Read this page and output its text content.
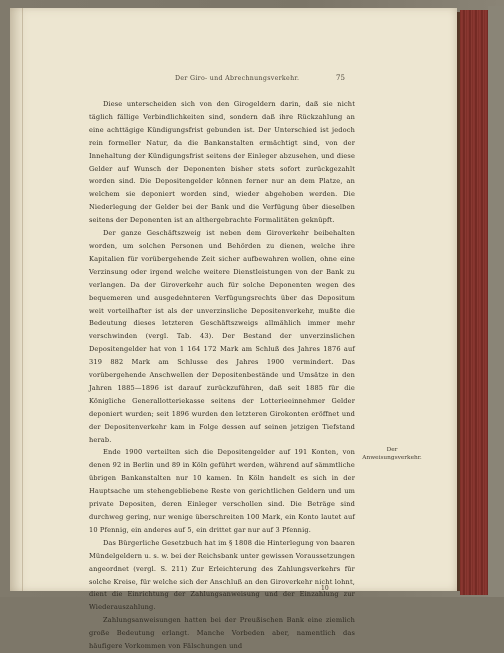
Der Giro- und Abrechnungsverkehr.	75

Diese unterscheiden sich von den Girogeldern darin, daß sie nicht täglich fällige Verbindlichkeiten sind, sondern daß ihre Rückzahlung an eine achttägige Kündigungsfrist gebunden ist. Der Unterschied ist jedoch rein formeller Natur, da die Bankanstalten ermächtigt sind, von der Innehaltung der Kündigungsfrist seitens der Einleger abzusehen, und diese Gelder auf Wunsch der Deponenten bisher stets sofort zurückgezahlt worden sind. Die Depositengelder können ferner nur an dem Platze, an welchem sie deponiert worden sind, wieder abgehoben werden. Die Niederlegung der Gelder bei der Bank und die Verfügung über dieselben seitens der Deponenten ist an althergebrachte Formalitäten geknüpft.

Der ganze Geschäftszweig ist neben dem Giroverkehr beibehalten worden, um solchen Personen und Behörden zu dienen, welche ihre Kapitalien für vorübergehende Zeit sicher aufbewahren wollen, ohne eine Verzinsung oder irgend welche weitere Dienstleistungen von der Bank zu verlangen. Da der Giroverkehr auch für solche Deponenten wegen des bequemeren und ausgedehnteren Verfügungsrechts über das Depositum weit vorteilhafter ist als der unverzinsliche Depositenverkehr, mußte die Bedeutung dieses letzteren Geschäftszweigs allmählich immer mehr verschwinden (vergl. Tab. 43). Der Bestand der unverzinslichen Depositengelder hat von 1 164 172 Mark am Schluß des Jahres 1876 auf 319 882 Mark am Schlusse des Jahres 1900 vermindert. Das vorübergehende Anschwellen der Depositenbestände und Umsätze in den Jahren 1885—1896 ist darauf zurückzuführen, daß seit 1885 für die Königliche Generallotteriekasse seitens der Lotterieeinnehmer Gelder deponiert wurden; seit 1896 wurden den letzteren Girokonten eröffnet und der Depositenverkehr kam in Folge dessen auf seinen jetzigen Tiefstand herab.

Ende 1900 verteilten sich die Depositengelder auf 191 Konten, von denen 92 in Berlin und 89 in Köln geführt werden, während auf sämmtliche übrigen Bankanstalten nur 10 kamen. In Köln handelt es sich in der Hauptsache um stehengebliebene Reste von gerichtlichen Geldern und um private Depositen, deren Einleger verschollen sind. Die Beträge sind durchweg gering, nur wenige überschreiten 100 Mark, ein Konto lautet auf 10 Pfennig, ein anderes auf 5, ein drittet gar nur auf 3 Pfennig.

Das Bürgerliche Gesetzbuch hat im § 1808 die Hinterlegung von baaren Mündelgeldern u. s. w. bei der Reichsbank unter gewissen Voraussetzungen angeordnet (vergl. S. 211) Zur Erleichterung des Zahlungsverkehrs für solche Kreise, für welche sich der Anschluß an den Giroverkehr nicht lohnt, dient die Einrichtung der Zahlungsanweisung und der Einzahlung zur Wiederauszahlung.

Zahlungsanweisungen hatten bei der Preußischen Bank eine ziemlich große Bedeutung erlangt. Manche Vorbeden aber, namentlich das häufigere Vorkommen von Fälschungen und

Der Anweisungsverkehr.
10
